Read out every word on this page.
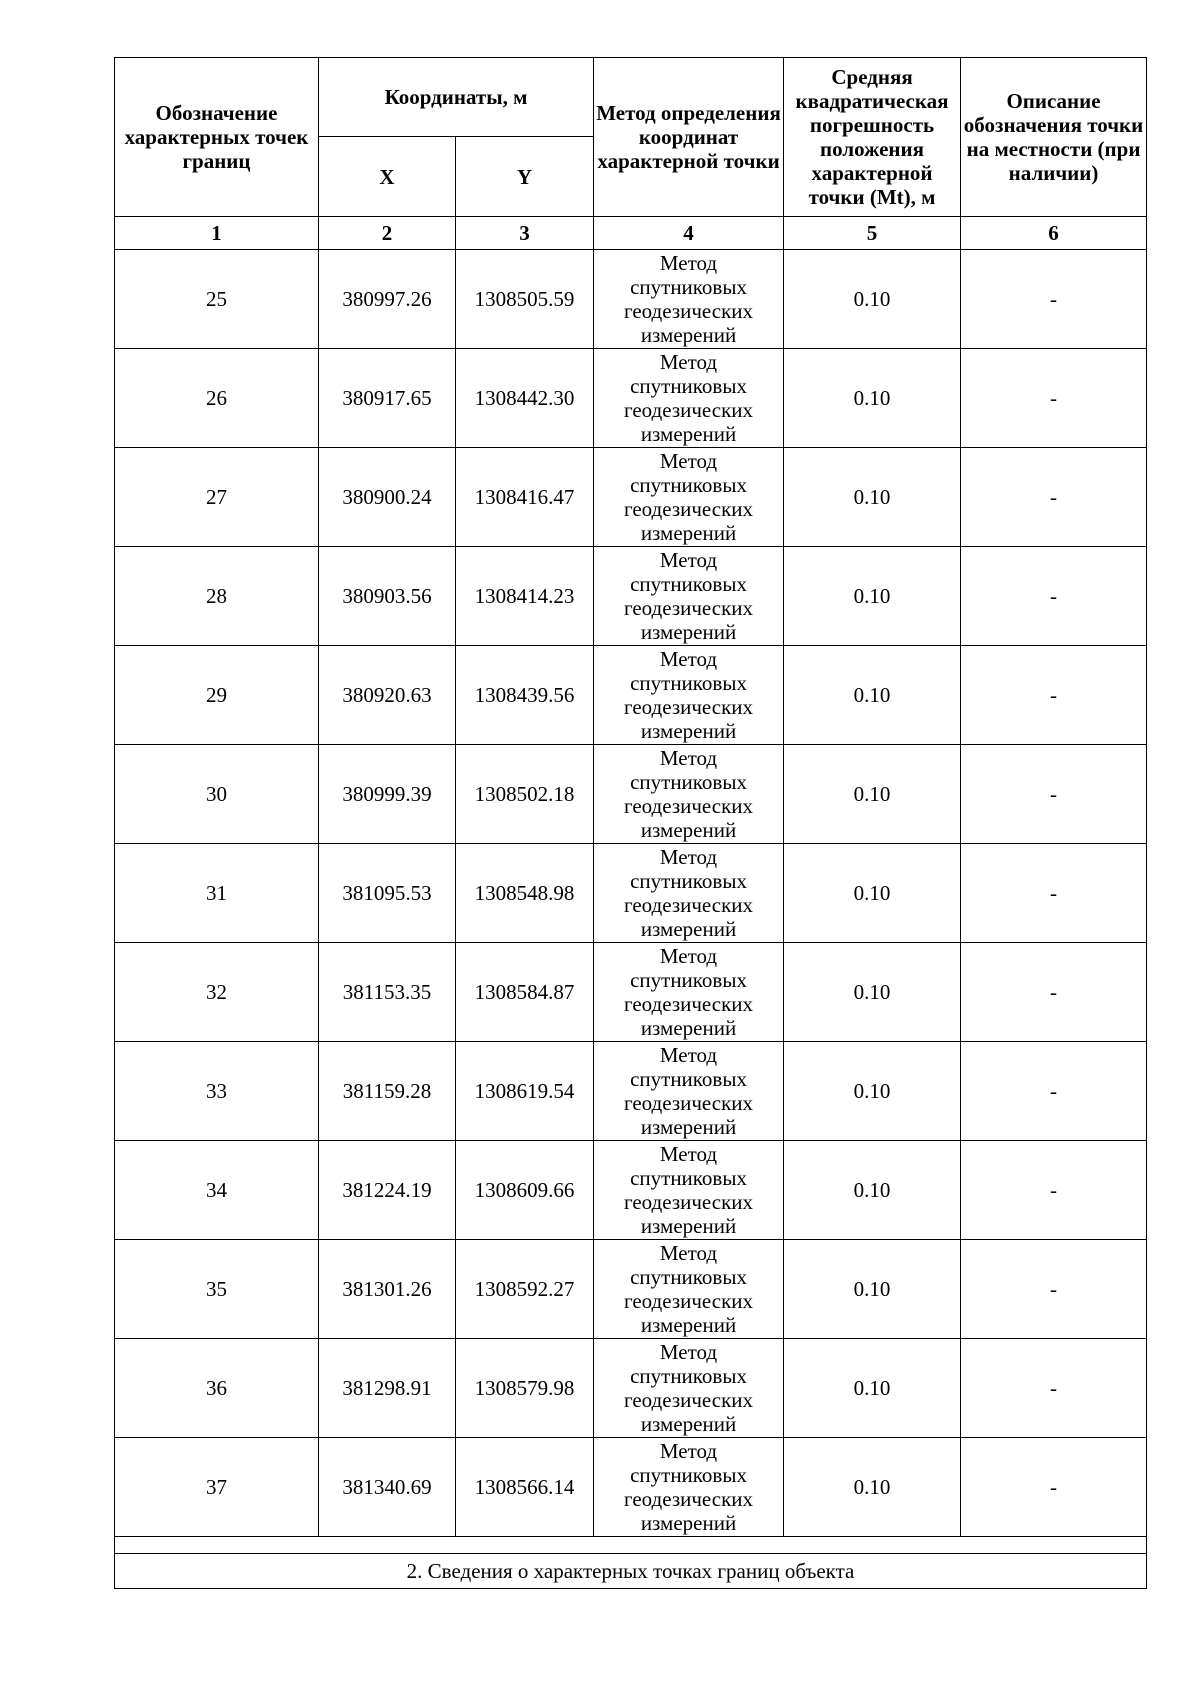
Обозначение характерных точек границ	Координаты, м		Метод определения координат характерной точки	Средняя квадратическая погрешность положения характерной точки (Mt), м	Описание обозначения точки на местности (при наличии)
	X	Y			
1	2	3	4	5	6
25	380997.26	1308505.59	Метод
спутниковых
геодезических
измерений	0.10	-
26	380917.65	1308442.30	Метод
спутниковых
геодезических
измерений	0.10	-
27	380900.24	1308416.47	Метод
спутниковых
геодезических
измерений	0.10	-
28	380903.56	1308414.23	Метод
спутниковых
геодезических
измерений	0.10	-
29	380920.63	1308439.56	Метод
спутниковых
геодезических
измерений	0.10	-
30	380999.39	1308502.18	Метод
спутниковых
геодезических
измерений	0.10	-
31	381095.53	1308548.98	Метод
спутниковых
геодезических
измерений	0.10	-
32	381153.35	1308584.87	Метод
спутниковых
геодезических
измерений	0.10	-
33	381159.28	1308619.54	Метод
спутниковых
геодезических
измерений	0.10	-
34	381224.19	1308609.66	Метод
спутниковых
геодезических
измерений	0.10	-
35	381301.26	1308592.27	Метод
спутниковых
геодезических
измерений	0.10	-
36	381298.91	1308579.98	Метод
спутниковых
геодезических
измерений	0.10	-
37	381340.69	1308566.14	Метод
спутниковых
геодезических
измерений	0.10	-

2. Сведения о характерных точках границ объекта					
